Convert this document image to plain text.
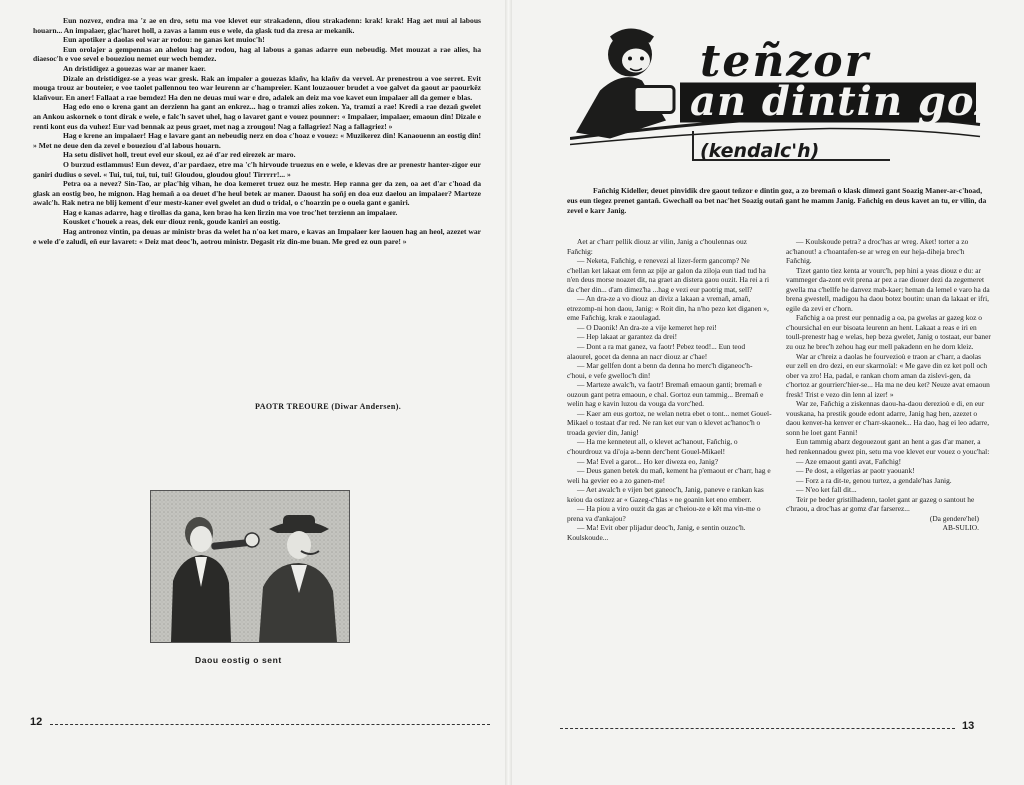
Eun nozvez, endra ma 'z ae en dro, setu ma voe klevet eur strakadenn, diou strakadenn: krak! krak! Hag aet mui al labous houarn... An impalaer, glac'haret holl, a zavas a lamm eus e wele, da glask tud da zresa ar mekanik.

Eun apotiker a daolas eol war ar rodou: ne ganas ket muioc'h!

Eun orolajer a gempennas an ahelou hag ar rodou, hag al labous a ganas adarre eun nebeudig. Met mouzat a rae alies, ha diaesoc'h e voe sevel e boueziou nemet eur wech bemdez.

An dristidigez a gouezas war ar maner kaer.

Dizale an dristidigez-se a yeas war gresk. Rak an impaler a gouezas klañv, ha klañv da vervel. Ar prenestrou a voe serret. Evit mouga trouz ar bouteier, e voe taolet pallennou teo war leurenn ar c'hampreier. Kant louzaouer brudet a voe galvet da gaout ar paourkêz klañvour. En aner! Fallaat a rae bemdez! Ha den ne deuas mui war e dro, adalek an deiz ma voe kavet eun impalaer all da gemer e blas.

Hag edo eno o krena gant an derzienn ha gant an enkrez... hag o tramzi alies zoken. Ya, tramzi a rae! Kredi a rae dezañ gwelet an Ankou askornek o tont dirak e wele, e falc'h savet uhel, hag o lavaret gant e vouez pounner: « Impalaer, impalaer, emaoun din! Dizale e renti kont eus da vuhez! Eur vad bennak az peus graet, met nag a zrougou! Nag a fallagriez! Nag a fallagriez! »

Hag e krene an impalaer! Hag e lavare gant an nebeudig nerz en doa c'hoaz e vouez: « Muzikerez din! Kanaouenn an eostig din! » Met ne deue den da zevel e boueziou d'al labous houarn.

Ha setu dislivet holl, treut evel eur skoul, ez aé d'ar red eirezek ar maro.

O burzud estlammus! Eun devez, d'ar pardaez, etre ma 'c'h hirvoude truezus en e wele, e klevas dre ar prenestr hanter-zigor eur ganiri dudius o sevel. « Tui, tui, tui, tui, tui! Gloudou, gloudou glou! Tirrrrr!... »

Petra oa a nevez? Sin-Tao, ar plac'hig vihan, he doa kemeret truez ouz he mestr. Hep ranna ger da zen, oa aet d'ar c'hoad da glask an eostig beo, he mignon. Hag hemañ a oa deuet d'he heul betek ar maner. Daoust ha soñj en doa euz daelou an impalaer? Marteze awalc'h. Rak netra ne blij kement d'eur mestr-kaner evel gwelet an dud o tridal, o c'hoarzin pe o ouela gant e ganiri.

Hag e kanas adarre, hag e tirollas da gana, ken brao ha ken lirzin ma voe troc'het terzienn an impalaer.

Kousket c'houek a reas, dek eur diouz renk, goude kaniri an eostig.

Hag antronoz vintin, pa deuas ar ministr bras da welet ha n'oa ket maro, e kavas an Impalaer ker laouen hag an heol, azezet war e wele d'e zaludi, eñ eur lavaret: « Deiz mat deoc'h, aotrou ministr. Degasit riz din-me buan. Me gred ez oun pare! »

PAOTR TREOURE (Diwar Andersen).
Daou eostig o sent
12
teñzor
an dintin goz
(kendalc'h)

Fañchig Kideller, deuet pinvidik dre gaout teñzor e dintin goz, a zo bremañ o klask dimezi gant Soazig Maner-ar-c'hoad, eus eun tiegez prenet gantañ. Gwechall oa bet nac'het Soazig outañ gant he mamm Janig. Fañchig en deus kavet an tu, er vilin, da zevel e karr Janig.

Aet ar c'harr pellik diouz ar vilin, Janig a c'houlennas ouz Fañchig:

— Neketa, Fañchig, e renevezi al lizer-ferm gancomp? Ne c'hellan ket lakaat em fenn az pije ar galon da ziloja eun tiad tud ha n'en deus morse noazet dit, na graet an distera gaou ouzit. Ha rei a ri da c'her din... d'am dimez'ha ...hag e vezi eur paotrig mat, sell?

— An dra-ze a vo diouz an diviz a lakaan a vremañ, amañ, etrezomp-ni hon daou, Janig: « Roit din, ha n'ho pezo ket diganen », eme Fañchig, krak e zaoulagad.

— O Daonik! An dra-ze a vije kemeret hep rei!

— Hep lakaat ar garantez da drei!

— Dont a ra mat ganez, va faotr! Pebez teod!... Eun teod alaourel, gocet da denna an nacr diouz ar c'hae!

— Mar gellfen dont a benn da denna ho merc'h diganeoc'h-c'houi, e vefe gwelloc'h din!

— Marteze awalc'h, va faotr! Bremañ emaoun ganti; bremañ e ouzoun gant petra emaoun, e chal. Gortoz eun tammig... Bremañ e welin hag e kavin luzou da vouga da vorc'hed.

— Kaer am eus gortoz, ne welan netra ebet o tont... nemet Gouel-Mikael o tostaat d'ar red. Ne ran ket eur van o klevet ac'hanoc'h o troada gevier din, Janig!

— Ha me kenneteut all, o klevet ac'hanout, Fañchig, o c'hourdrouz va di'oja a-benn derc'hent Gouel-Mikael!

— Ma! Evel a garot... Ho ker diweza eo, Janig?

— Deus ganen betek du mañ, kement ha p'emaout er c'harr, hag e weli ha gevier eo a zo ganen-me!

— Aet awalc'h e vijen bet ganeoc'h, Janig, paneve e rankan kas keiou da ostizez ar « Gazeg-c'hlas » ne goanin ket eno emberr.

— Ha piou a viro ouzit da gas ar c'heiou-ze e kêt ma vin-me o prena va d'ankajou?

— Ma! Evit ober plijadur deoc'h, Janig, e sentin ouzoc'h. Koulskoude...

— Koulskoude petra? a droc'has ar wreg. Aket! torter a zo ac'hanout! a c'hoantafen-se ar wreg en eur heja-diheja brec'h Fañchig.

Tizet ganto tiez kenta ar vourc'h, pep hini a yeas diouz e du: ar vammeger da-zont evit prena ar pez a rae diouer dezi da zegemeret gwella ma c'hellfe he danvez mab-kaer; heman da lemel e varo ha da brena gwestell, madigou ha daou botez boutin: unan da lakaat er ifri, egile da zevi er c'horn.

Fañchig a oa prest eur pennadig a oa, pa gwelas ar gazeg koz o c'hoursichal en eur bisoata leurenn an hent. Lakaat a reas e iri en toull-prenestr hag e welas, hep beza gwelet, Janig o tostaat, eur baner zu ouz he brec'h zehou hag eur mell pakadenn en he dorn kleiz.

War ar c'hreiz a daolas he fourvezioù e traon ar c'harr, a daolas eur zell en dro dezi, en eur skarmoïal: « Me gave din ez ket poll och ober va zro! Ha, padal, e rankan chom aman da zislevi-gen, da c'hortoz ar gourrierc'hier-se... Ha ma ne deu ket? Neuze avat emaoun fresk! Trist e vezo din lenn al izer! »

War ze, Fañchig a ziskennas daou-ha-daou derezioù e di, en eur vouskana, ha prestik goude edont adarre, Janig hag hen, azezet o daou kenver-ha kenver er c'harr-skaonek... Ha dao, hag ei leo adarre, sonn he loet gant Fanni!

Eun tammig abarz degouezout gant an hent a gas d'ar maner, a hed renkennadou gwez pin, setu ma voe klevet eur vouez o youc'hal:

— Aze emaout ganti avat, Fañchig!

— Pe dost, a eilgerias ar paotr yaouank!

— Forz a ra dit-te, genou turtez, a gendale'has Janig.

— N'eo ket fall dit...

Teir pe beder gristilhadenn, taolet gant ar gazeg o santout he c'hraou, a droc'has ar gomz d'ar farserez...

(Da gendere'hel)

AB-SULIO.

13
